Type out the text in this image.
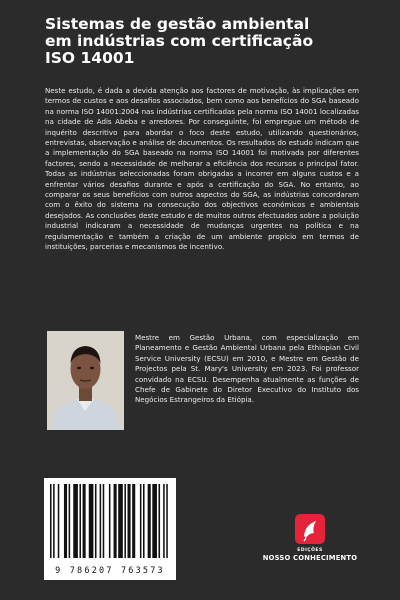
Sistemas de gestão ambiental
em indústrias com certificação
ISO 14001

Neste estudo, é dada a devida atenção aos factores de motivação, às implicações em termos de custos e aos desafios associados, bem como aos benefícios do SGA baseado na norma ISO 14001:2004 nas indústrias certificadas pela norma ISO 14001 localizadas na cidade de Adis Abeba e arredores. Por conseguinte, foi empregue um método de inquérito descritivo para abordar o foco deste estudo, utilizando questionários, entrevistas, observação e análise de documentos. Os resultados do estudo indicam que a implementação do SGA baseado na norma ISO 14001 foi motivada por diferentes factores, sendo a necessidade de melhorar a eficiência dos recursos o principal fator. Todas as indústrias seleccionadas foram obrigadas a incorrer em alguns custos e a enfrentar vários desafios durante e após a certificação do SGA. No entanto, ao comparar os seus benefícios com outros aspectos do SGA, as indústrias concordaram com o êxito do sistema na consecução dos objectivos económicos e ambientais desejados. As conclusões deste estudo e de muitos outros efectuados sobre a poluição industrial indicaram a necessidade de mudanças urgentes na política e na regulamentação e também a criação de um ambiente propício em termos de instituições, parcerias e mecanismos de incentivo.

Mestre em Gestão Urbana, com especialização em Planeamento e Gestão Ambiental Urbana pela Ethiopian Civil Service University (ECSU) em 2010, e Mestre em Gestão de Projectos pela St. Mary's University em 2023. Foi professor convidado na ECSU. Desempenha atualmente as funções de Chefe de Gabinete do Diretor Executivo do Instituto dos Negócios Estrangeiros da Etiópia.

9 786207 763573
EDIÇÕES
NOSSO CONHECIMENTO
